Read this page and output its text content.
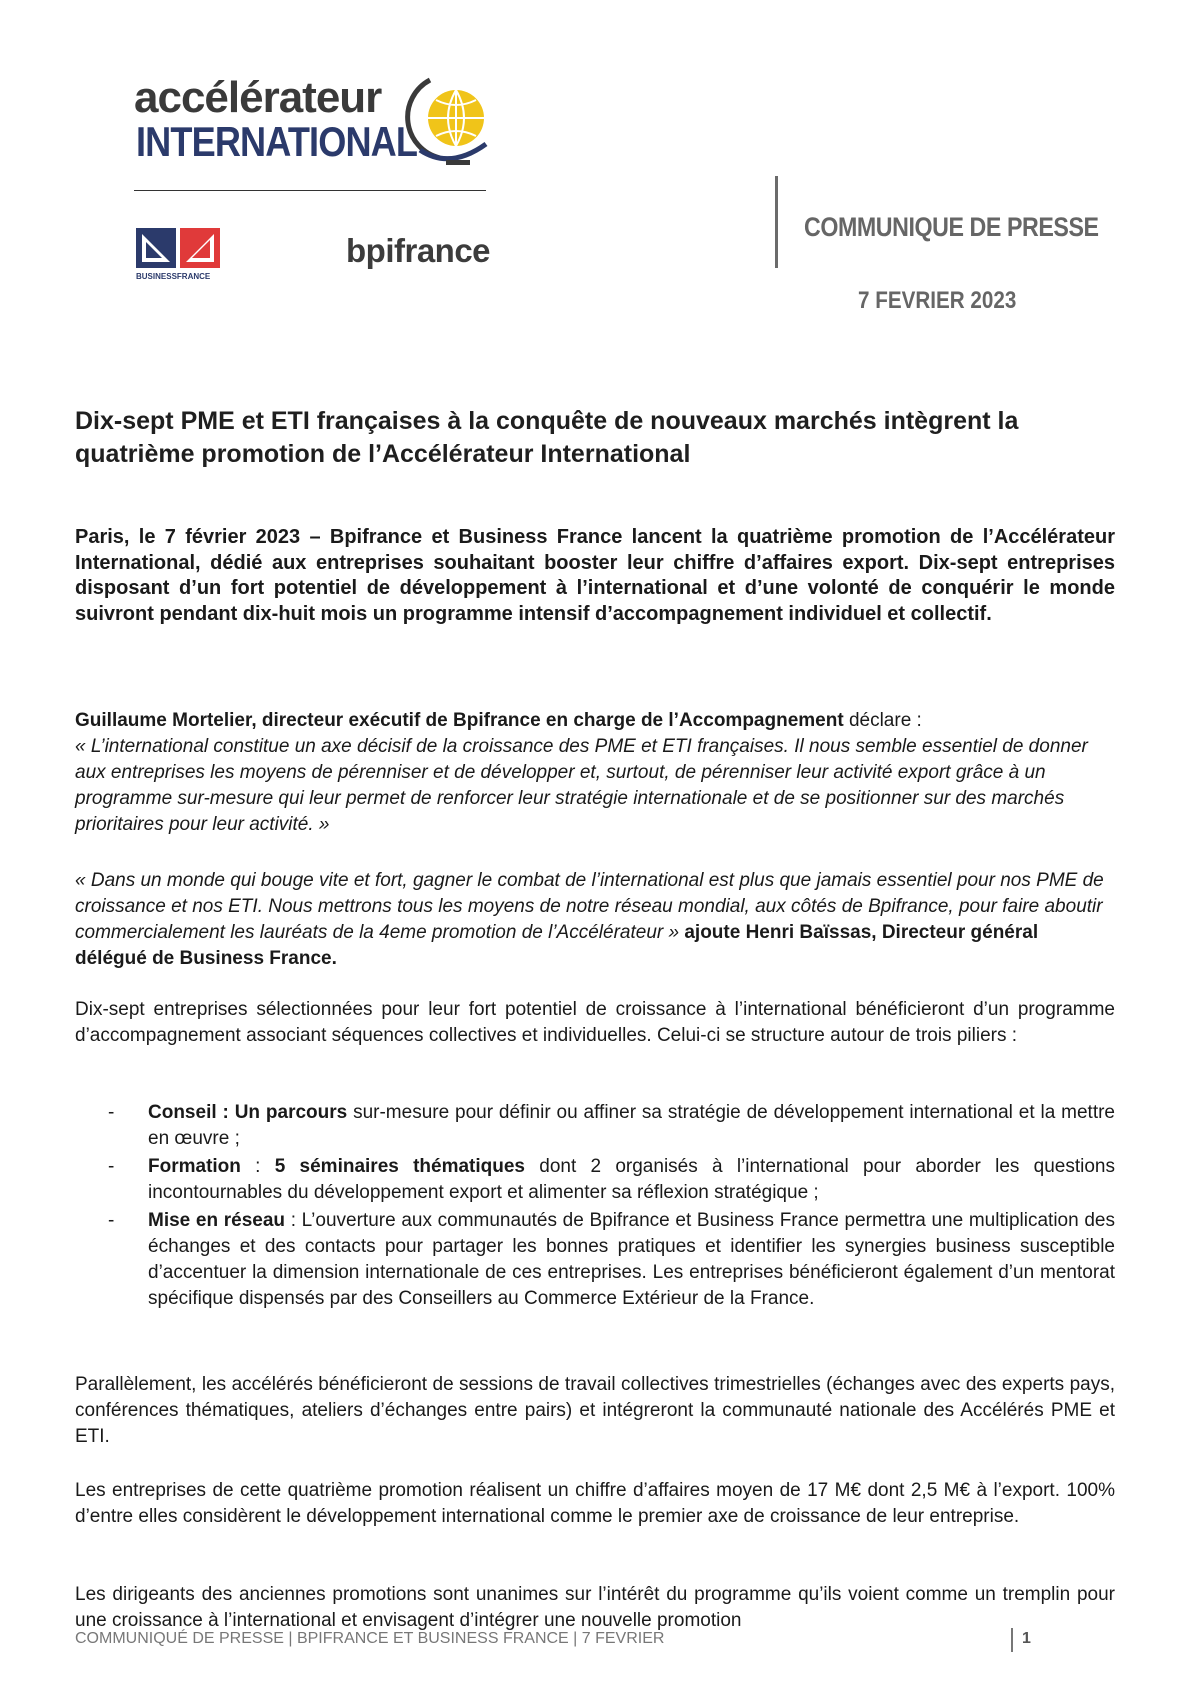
accélérateur
INTERNATIONAL
BUSINESSFRANCE
bpifrance
COMMUNIQUE DE PRESSE
7 FEVRIER 2023
Dix-sept PME et ETI françaises à la conquête de nouveaux marchés intègrent la quatrième promotion de l’Accélérateur International
Paris, le 7 février 2023 – Bpifrance et Business France lancent la quatrième promotion de l’Accélérateur International, dédié aux entreprises souhaitant booster leur chiffre d’affaires export. Dix-sept entreprises disposant d’un fort potentiel de développement à l’international et d’une volonté de conquérir le monde suivront pendant dix-huit mois un programme intensif d’accompagnement individuel et collectif.
Guillaume Mortelier, directeur exécutif de Bpifrance en charge de l’Accompagnement déclare :
« L’international constitue un axe décisif de la croissance des PME et ETI françaises. Il nous semble essentiel de donner aux entreprises les moyens de pérenniser et de développer et, surtout, de pérenniser leur activité export grâce à un programme sur-mesure qui leur permet de renforcer leur stratégie internationale et de se positionner sur des marchés prioritaires pour leur activité. »
« Dans un monde qui bouge vite et fort, gagner le combat de l’international est plus que jamais essentiel pour nos PME de croissance et nos ETI. Nous mettrons tous les moyens de notre réseau mondial, aux côtés de Bpifrance, pour faire aboutir commercialement les lauréats de la 4eme promotion de l’Accélérateur » ajoute Henri Baïssas, Directeur général délégué de Business France.
Dix-sept entreprises sélectionnées pour leur fort potentiel de croissance à l’international bénéficieront d’un programme d’accompagnement associant séquences collectives et individuelles. Celui-ci se structure autour de trois piliers :
- Conseil : Un parcours sur-mesure pour définir ou affiner sa stratégie de développement international et la mettre en œuvre ;
- Formation : 5 séminaires thématiques dont 2 organisés à l’international pour aborder les questions incontournables du développement export et alimenter sa réflexion stratégique ;
- Mise en réseau : L’ouverture aux communautés de Bpifrance et Business France permettra une multiplication des échanges et des contacts pour partager les bonnes pratiques et identifier les synergies business susceptible d’accentuer la dimension internationale de ces entreprises. Les entreprises bénéficieront également d’un mentorat spécifique dispensés par des Conseillers au Commerce Extérieur de la France.
Parallèlement, les accélérés bénéficieront de sessions de travail collectives trimestrielles (échanges avec des experts pays, conférences thématiques, ateliers d’échanges entre pairs) et intégreront la communauté nationale des Accélérés PME et ETI.
Les entreprises de cette quatrième promotion réalisent un chiffre d’affaires moyen de 17 M€ dont 2,5 M€ à l’export. 100% d’entre elles considèrent le développement international comme le premier axe de croissance de leur entreprise.
Les dirigeants des anciennes promotions sont unanimes sur l’intérêt du programme qu’ils voient comme un tremplin pour une croissance à l’international et envisagent d’intégrer une nouvelle promotion
COMMUNIQUÉ DE PRESSE | BPIFRANCE ET BUSINESS FRANCE | 7 FEVRIER	1
